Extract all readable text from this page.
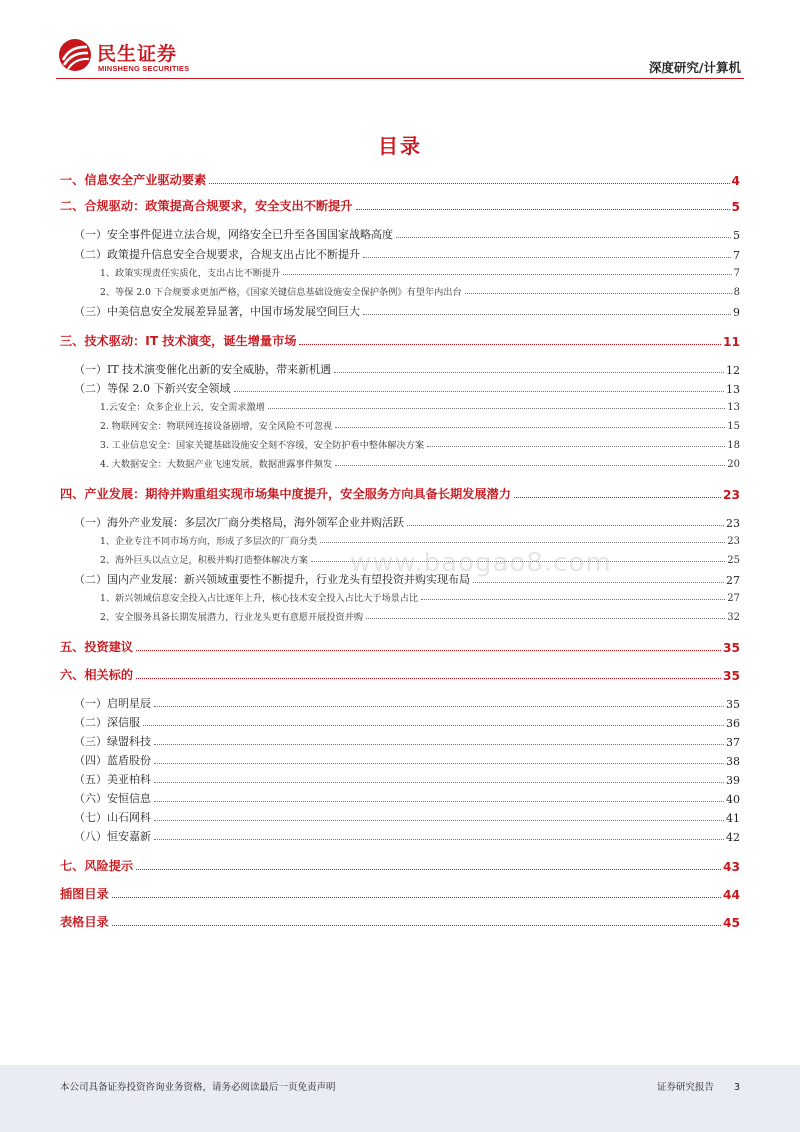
民生证券
MINSHENG SECURITIES	深度研究/计算机
目录
www.baogao8.com
一、信息安全产业驱动要素	4
二、合规驱动：政策提高合规要求，安全支出不断提升	5
（一）安全事件促进立法合规，网络安全已升至各国国家战略高度	5
（二）政策提升信息安全合规要求，合规支出占比不断提升	7
1、政策实现责任实质化，支出占比不断提升	7
2、等保 2.0 下合规要求更加严格，《国家关键信息基础设施安全保护条例》有望年内出台	8
（三）中美信息安全发展差异显著，中国市场发展空间巨大	9
三、技术驱动：IT 技术演变，诞生增量市场	11
（一）IT 技术演变催化出新的安全威胁，带来新机遇	12
（二）等保 2.0 下新兴安全领域	13
1.云安全：众多企业上云，安全需求激增	13
2. 物联网安全：物联网连接设备剧增，安全风险不可忽视	15
3. 工业信息安全：国家关键基础设施安全刻不容缓，安全防护看中整体解决方案	18
4. 大数据安全：大数据产业飞速发展，数据泄露事件频发	20
四、产业发展：期待并购重组实现市场集中度提升，安全服务方向具备长期发展潜力	23
（一）海外产业发展：多层次厂商分类格局，海外领军企业并购活跃	23
1、企业专注不同市场方向，形成了多层次的厂商分类	23
2、海外巨头以点立足，积极并购打造整体解决方案	25
（二）国内产业发展：新兴领域重要性不断提升，行业龙头有望投资并购实现布局	27
1、新兴领域信息安全投入占比逐年上升，核心技术安全投入占比大于场景占比	27
2、安全服务具备长期发展潜力，行业龙头更有意愿开展投资并购	32
五、投资建议	35
六、相关标的	35
（一）启明星辰	35
（二）深信服	36
（三）绿盟科技	37
（四）蓝盾股份	38
（五）美亚柏科	39
（六）安恒信息	40
（七）山石网科	41
（八）恒安嘉新	42
七、风险提示	43
插图目录	44
表格目录	45
本公司具备证券投资咨询业务资格，请务必阅读最后一页免责声明	证券研究报告 3
